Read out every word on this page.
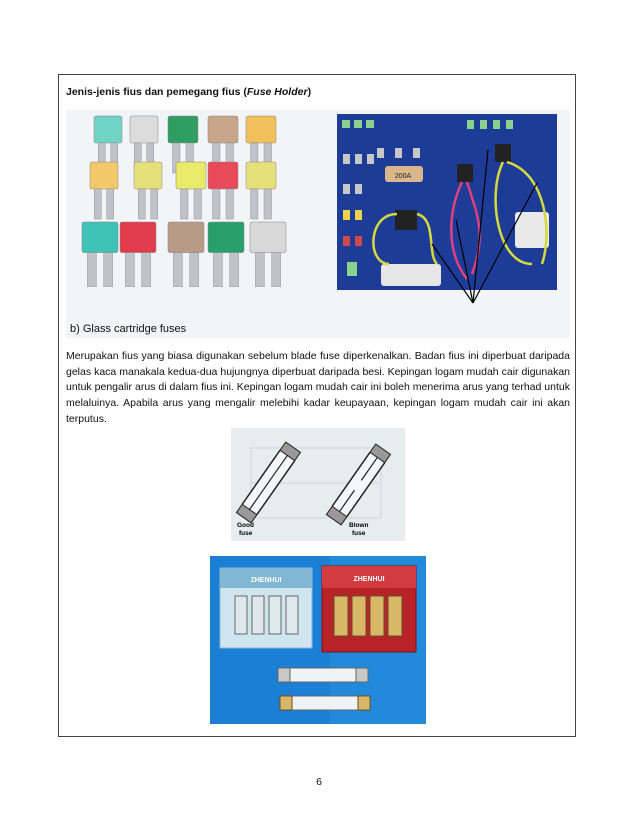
Jenis-jenis fius dan pemegang fius (Fuse Holder)
200A
b) Glass cartridge fuses
Merupakan fius yang biasa digunakan sebelum blade fuse diperkenalkan. Badan fius ini diperbuat daripada gelas kaca manakala kedua-dua hujungnya diperbuat daripada besi. Kepingan logam mudah cair digunakan untuk pengalir arus di dalam fius ini. Kepingan logam mudah cair ini boleh menerima arus yang terhad untuk melaluinya. Apabila arus yang mengalir melebihi kadar keupayaan, kepingan logam mudah cair ini akan terputus.
Good
fuse
Blown
fuse
ZHENHUI	ZHENHUI
6
